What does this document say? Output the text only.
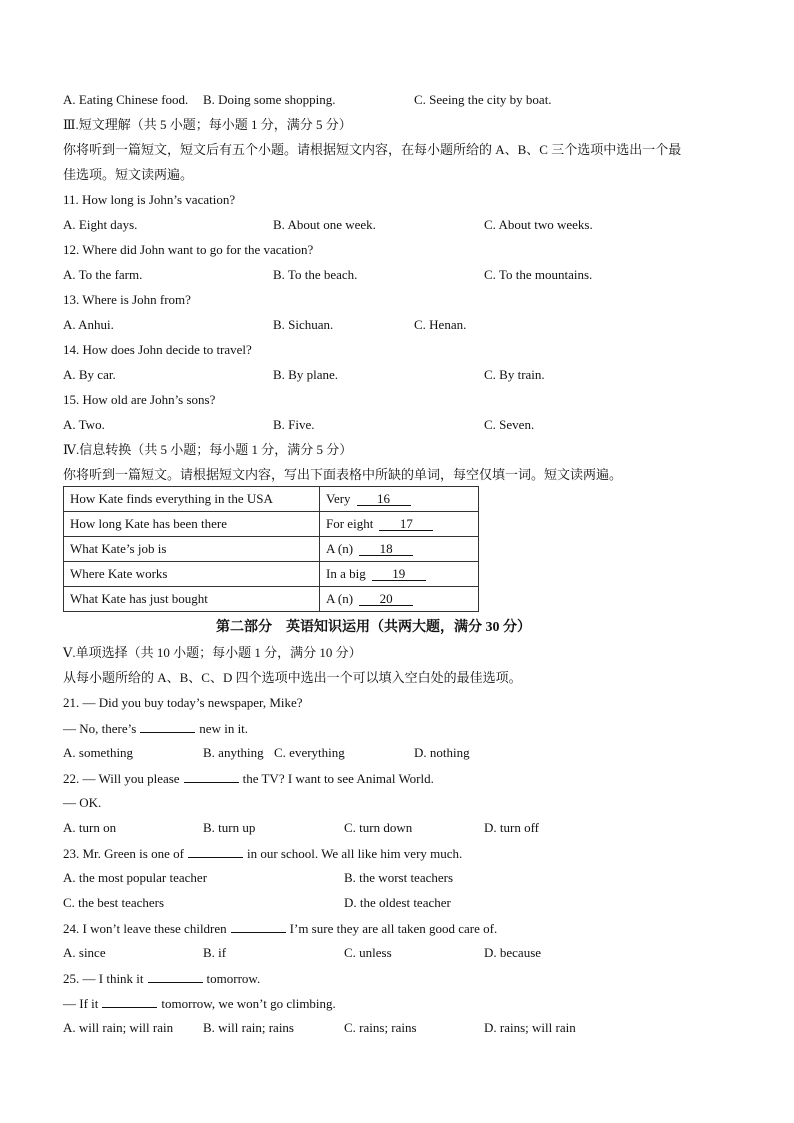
A. Eating Chinese food. B. Doing some shopping.	C. Seeing the city by boat.
Ⅲ.短文理解（共 5 小题；每小题 1 分，满分 5 分）
你将听到一篇短文，短文后有五个小题。请根据短文内容，在每小题所给的 A、B、C 三个选项中选出一个最
佳选项。短文读两遍。
11. How long is John’s vacation?
A. Eight days.	B. About one week.	C. About two weeks.
12. Where did John want to go for the vacation?
A. To the farm.	B. To the beach.	C. To the mountains.
13. Where is John from?
A. Anhui.	B. Sichuan.	C. Henan.
14. How does John decide to travel?
A. By car.	B. By plane.	C. By train.
15. How old are John’s sons?
A. Two.	B. Five.	C. Seven.
Ⅳ.信息转换（共 5 小题；每小题 1 分，满分 5 分）
你将听到一篇短文。请根据短文内容，写出下面表格中所缺的单词，每空仅填一词。短文读两遍。
How Kate finds everything in the USA	Very 16
How long Kate has been there	For eight 17
What Kate’s job is	A (n) 18
Where Kate works	In a big 19
What Kate has just bought	A (n) 20
第二部分　英语知识运用（共两大题，满分 30 分）
Ⅴ.单项选择（共 10 小题；每小题 1 分，满分 10 分）
从每小题所给的 A、B、C、D 四个选项中选出一个可以填入空白处的最佳选项。
21. — Did you buy today’s newspaper, Mike?
— No, there’s	new in it.
A. something	B. anything C. everything	D. nothing
22. — Will you please	the TV? I want to see Animal World.
— OK.
A. turn on	B. turn up	C. turn down	D. turn off
23. Mr. Green is one of	in our school. We all like him very much.
A. the most popular teacher	B. the worst teachers
C. the best teachers	D. the oldest teacher
24. I won’t leave these children	I’m sure they are all taken good care of.
A. since	B. if	C. unless	D. because
25. — I think it	tomorrow.
— If it	tomorrow, we won’t go climbing.
A. will rain; will rain B. will rain; rains	C. rains; rains	D. rains; will rain
